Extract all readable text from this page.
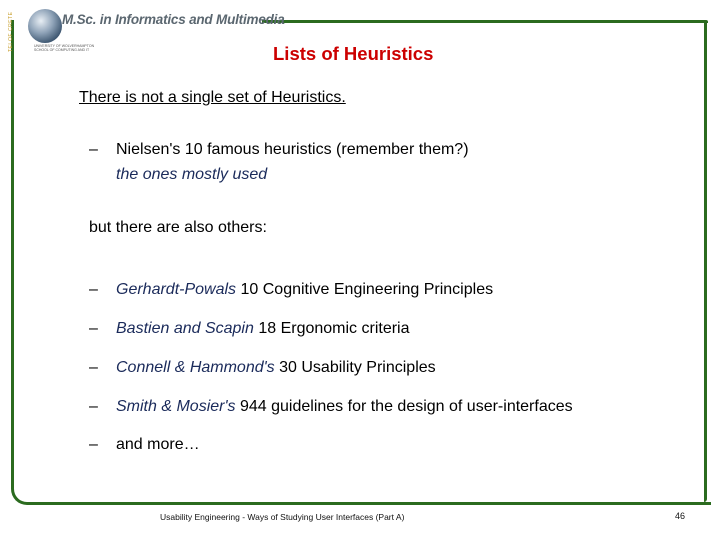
TEI OF CRETE	M.Sc. in Informatics and Multimedia
UNIVERSITY OF WOLVERHAMPTON
SCHOOL OF COMPUTING AND IT	Lists of Heuristics
There is not a single set of Heuristics.
– Nielsen's 10 famous heuristics (remember them?)
the ones mostly used
but there are also others:
– Gerhardt-Powals 10 Cognitive Engineering Principles
– Bastien and Scapin 18 Ergonomic criteria
– Connell & Hammond's 30 Usability Principles
– Smith & Mosier's 944 guidelines for the design of user-interfaces
– and more…
Usability Engineering - Ways of Studying User Interfaces (Part A)	46
